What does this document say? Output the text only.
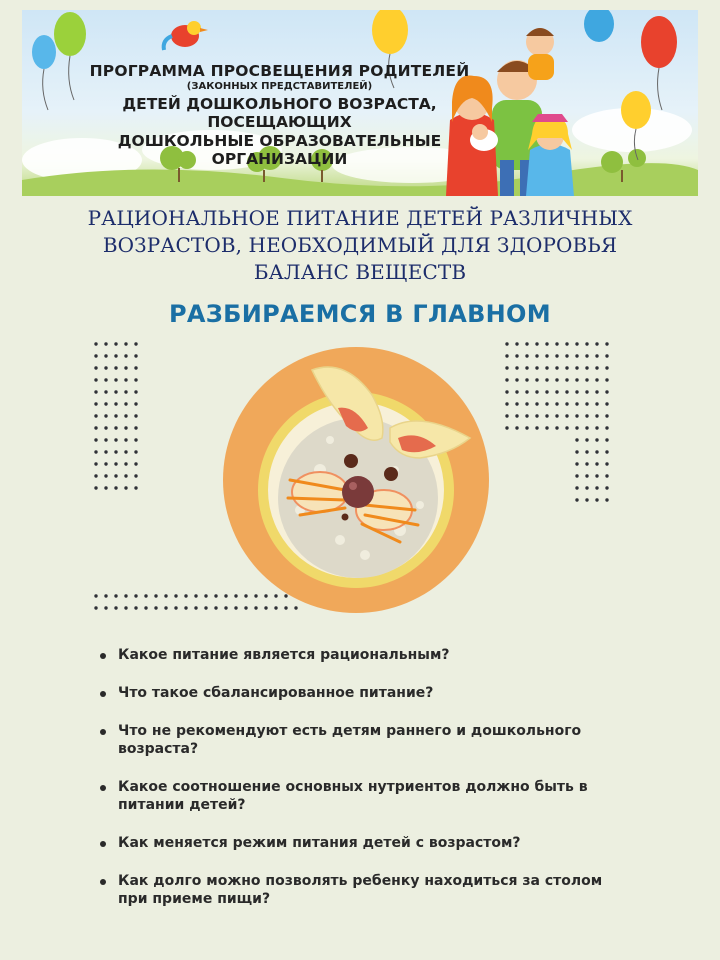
ПРОГРАММА ПРОСВЕЩЕНИЯ РОДИТЕЛЕЙ
(ЗАКОННЫХ ПРЕДСТАВИТЕЛЕЙ)
ДЕТЕЙ ДОШКОЛЬНОГО ВОЗРАСТА, ПОСЕЩАЮЩИХ
ДОШКОЛЬНЫЕ ОБРАЗОВАТЕЛЬНЫЕ ОРГАНИЗАЦИИ
РАЦИОНАЛЬНОЕ ПИТАНИЕ ДЕТЕЙ РАЗЛИЧНЫХ
ВОЗРАСТОВ, НЕОБХОДИМЫЙ ДЛЯ ЗДОРОВЬЯ
БАЛАНС ВЕЩЕСТВ
РАЗБИРАЕМСЯ В ГЛАВНОМ
Какое питание является рациональным?
Что такое сбалансированное питание?
Что не рекомендуют есть детям раннего и дошкольного возраста?
Какое соотношение основных нутриентов должно быть в питании детей?
Как меняется режим питания детей с возрастом?
Как долго можно позволять ребенку находиться за столом при приеме пищи?
